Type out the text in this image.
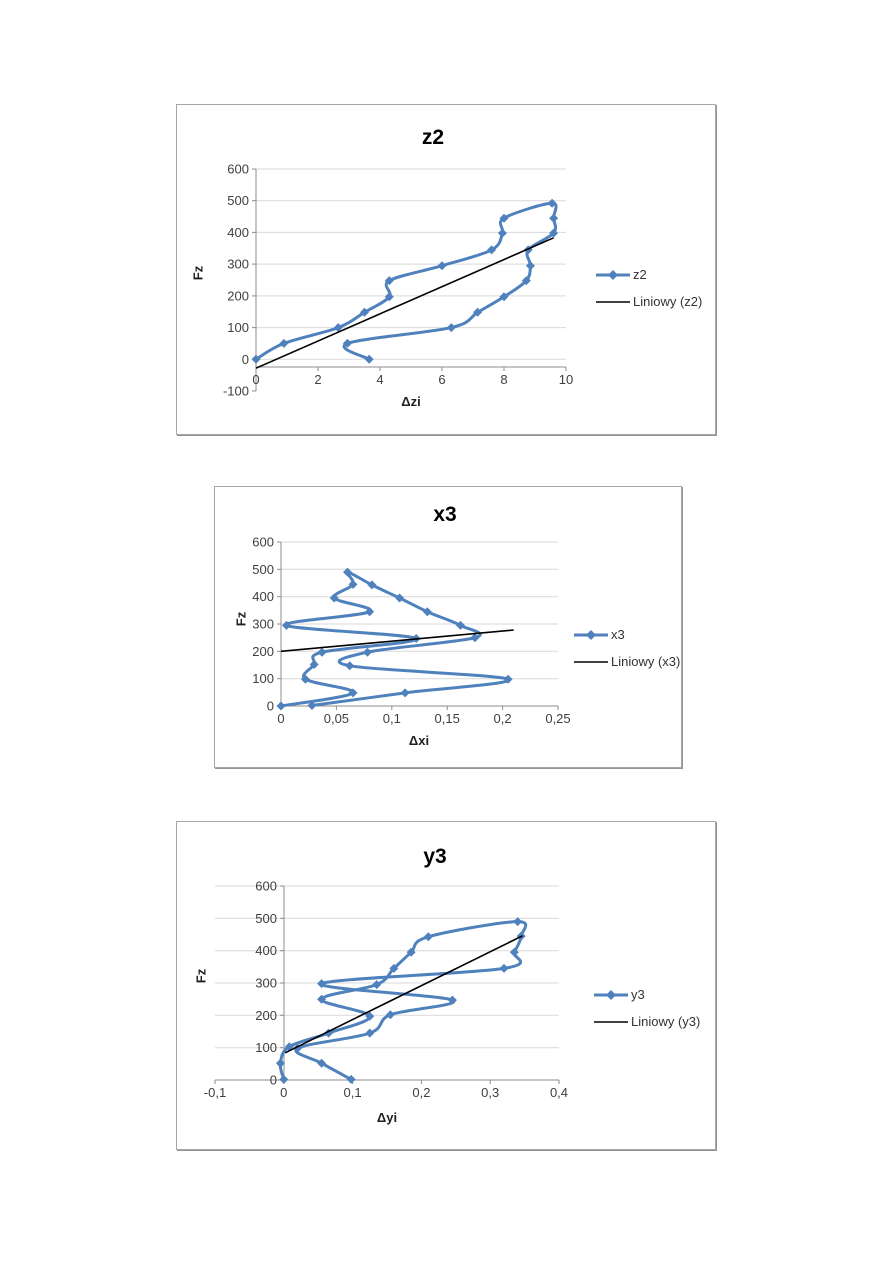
0	2	4	6	8	10
600
500
400
300
200
100
0
-100
z2
Fz
Δzi
z2
Liniowy (z2)
0	0,05	0,1	0,15	0,2	0,25
600
500
400
300
200
100
0
x3
Fz
Δxi
x3
Liniowy (x3)
-0,1	0	0,1	0,2	0,3	0,4
600
500
400
300
200
100
0
y3
Fz
Δyi
y3
Liniowy (y3)
